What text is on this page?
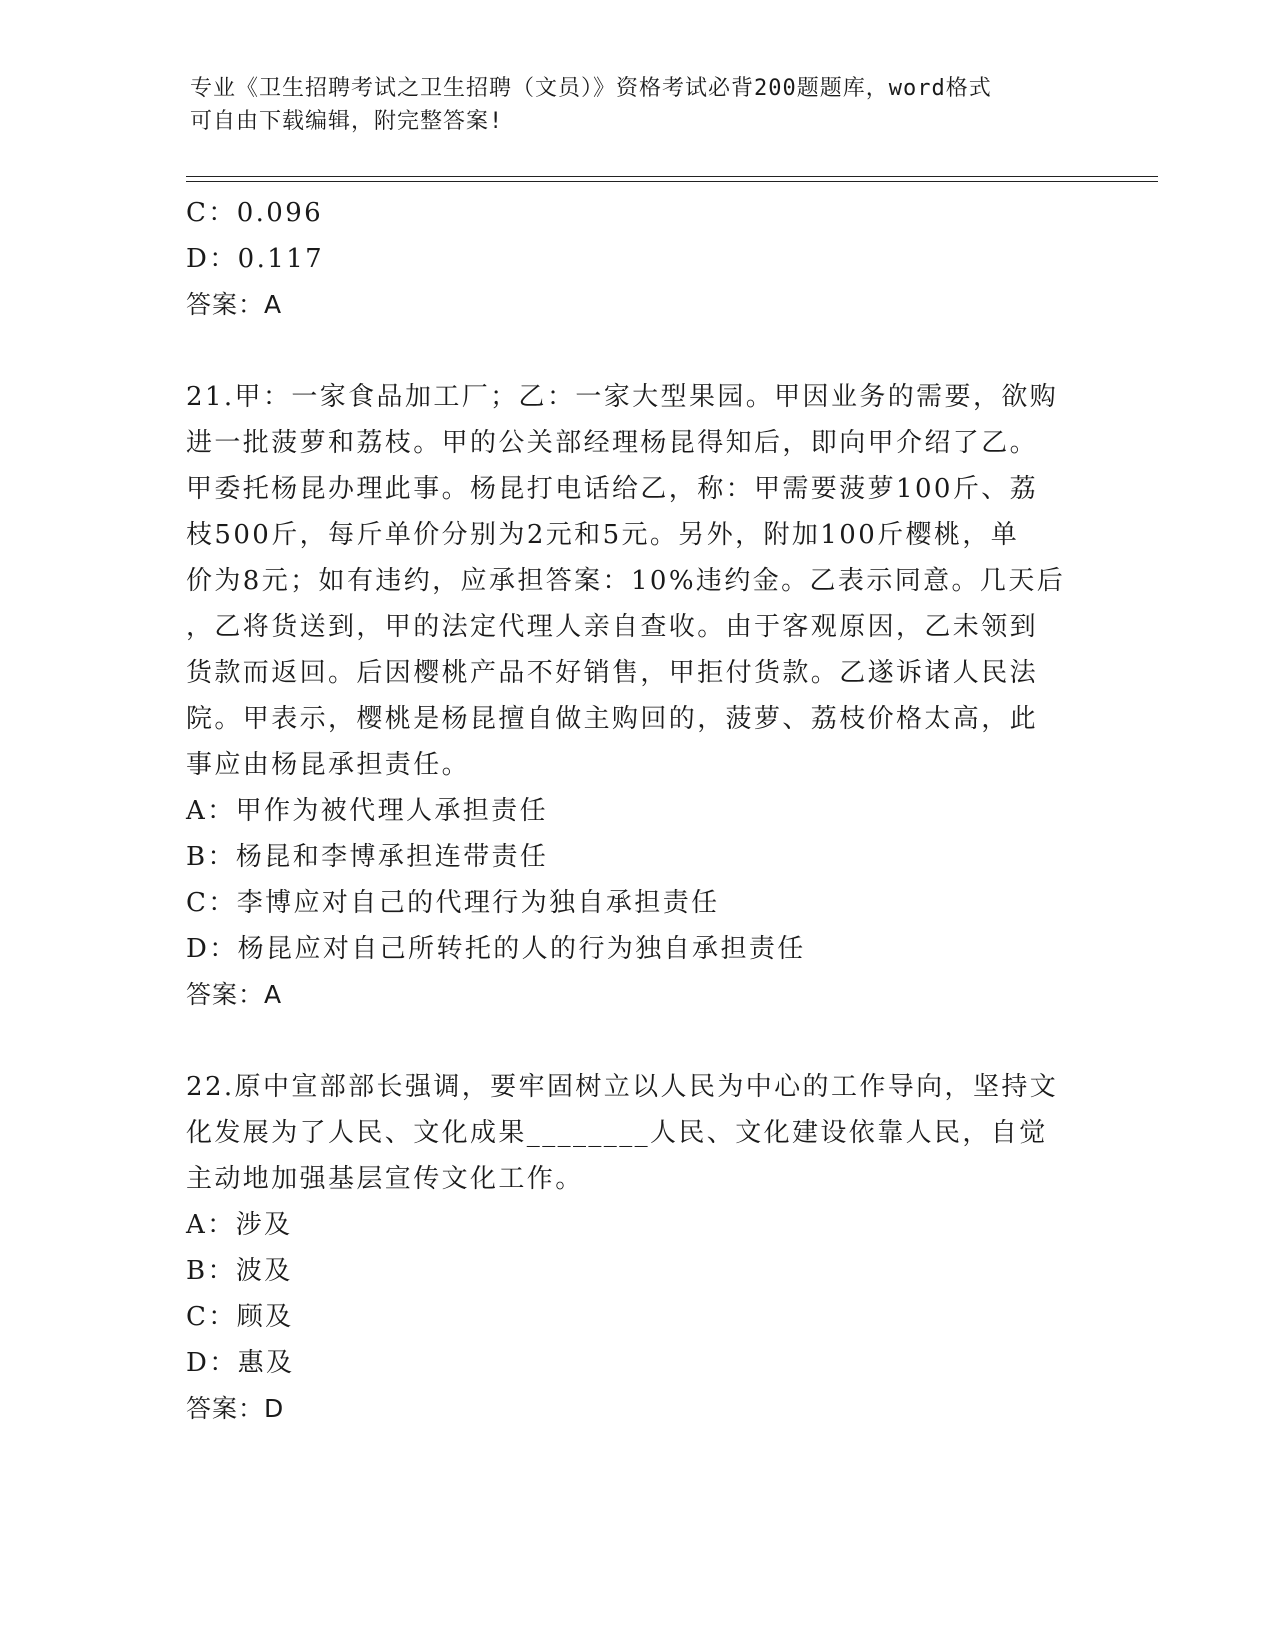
专业《卫生招聘考试之卫生招聘（文员）》资格考试必背200题题库，word格式
可自由下载编辑，附完整答案!
C：0.096
D：0.117
答案：A
21.甲：一家食品加工厂；乙：一家大型果园。甲因业务的需要，欲购
进一批菠萝和荔枝。甲的公关部经理杨昆得知后，即向甲介绍了乙。
甲委托杨昆办理此事。杨昆打电话给乙，称：甲需要菠萝100斤、荔
枝500斤，每斤单价分别为2元和5元。另外，附加100斤樱桃，单
价为8元；如有违约，应承担答案：10%违约金。乙表示同意。几天后
，乙将货送到，甲的法定代理人亲自查收。由于客观原因，乙未领到
货款而返回。后因樱桃产品不好销售，甲拒付货款。乙遂诉诸人民法
院。甲表示，樱桃是杨昆擅自做主购回的，菠萝、荔枝价格太高，此
事应由杨昆承担责任。
A：甲作为被代理人承担责任
B：杨昆和李博承担连带责任
C：李博应对自己的代理行为独自承担责任
D：杨昆应对自己所转托的人的行为独自承担责任
答案：A
22.原中宣部部长强调，要牢固树立以人民为中心的工作导向，坚持文
化发展为了人民、文化成果________人民、文化建设依靠人民，自觉
主动地加强基层宣传文化工作。
A：涉及
B：波及
C：顾及
D：惠及
答案：D
